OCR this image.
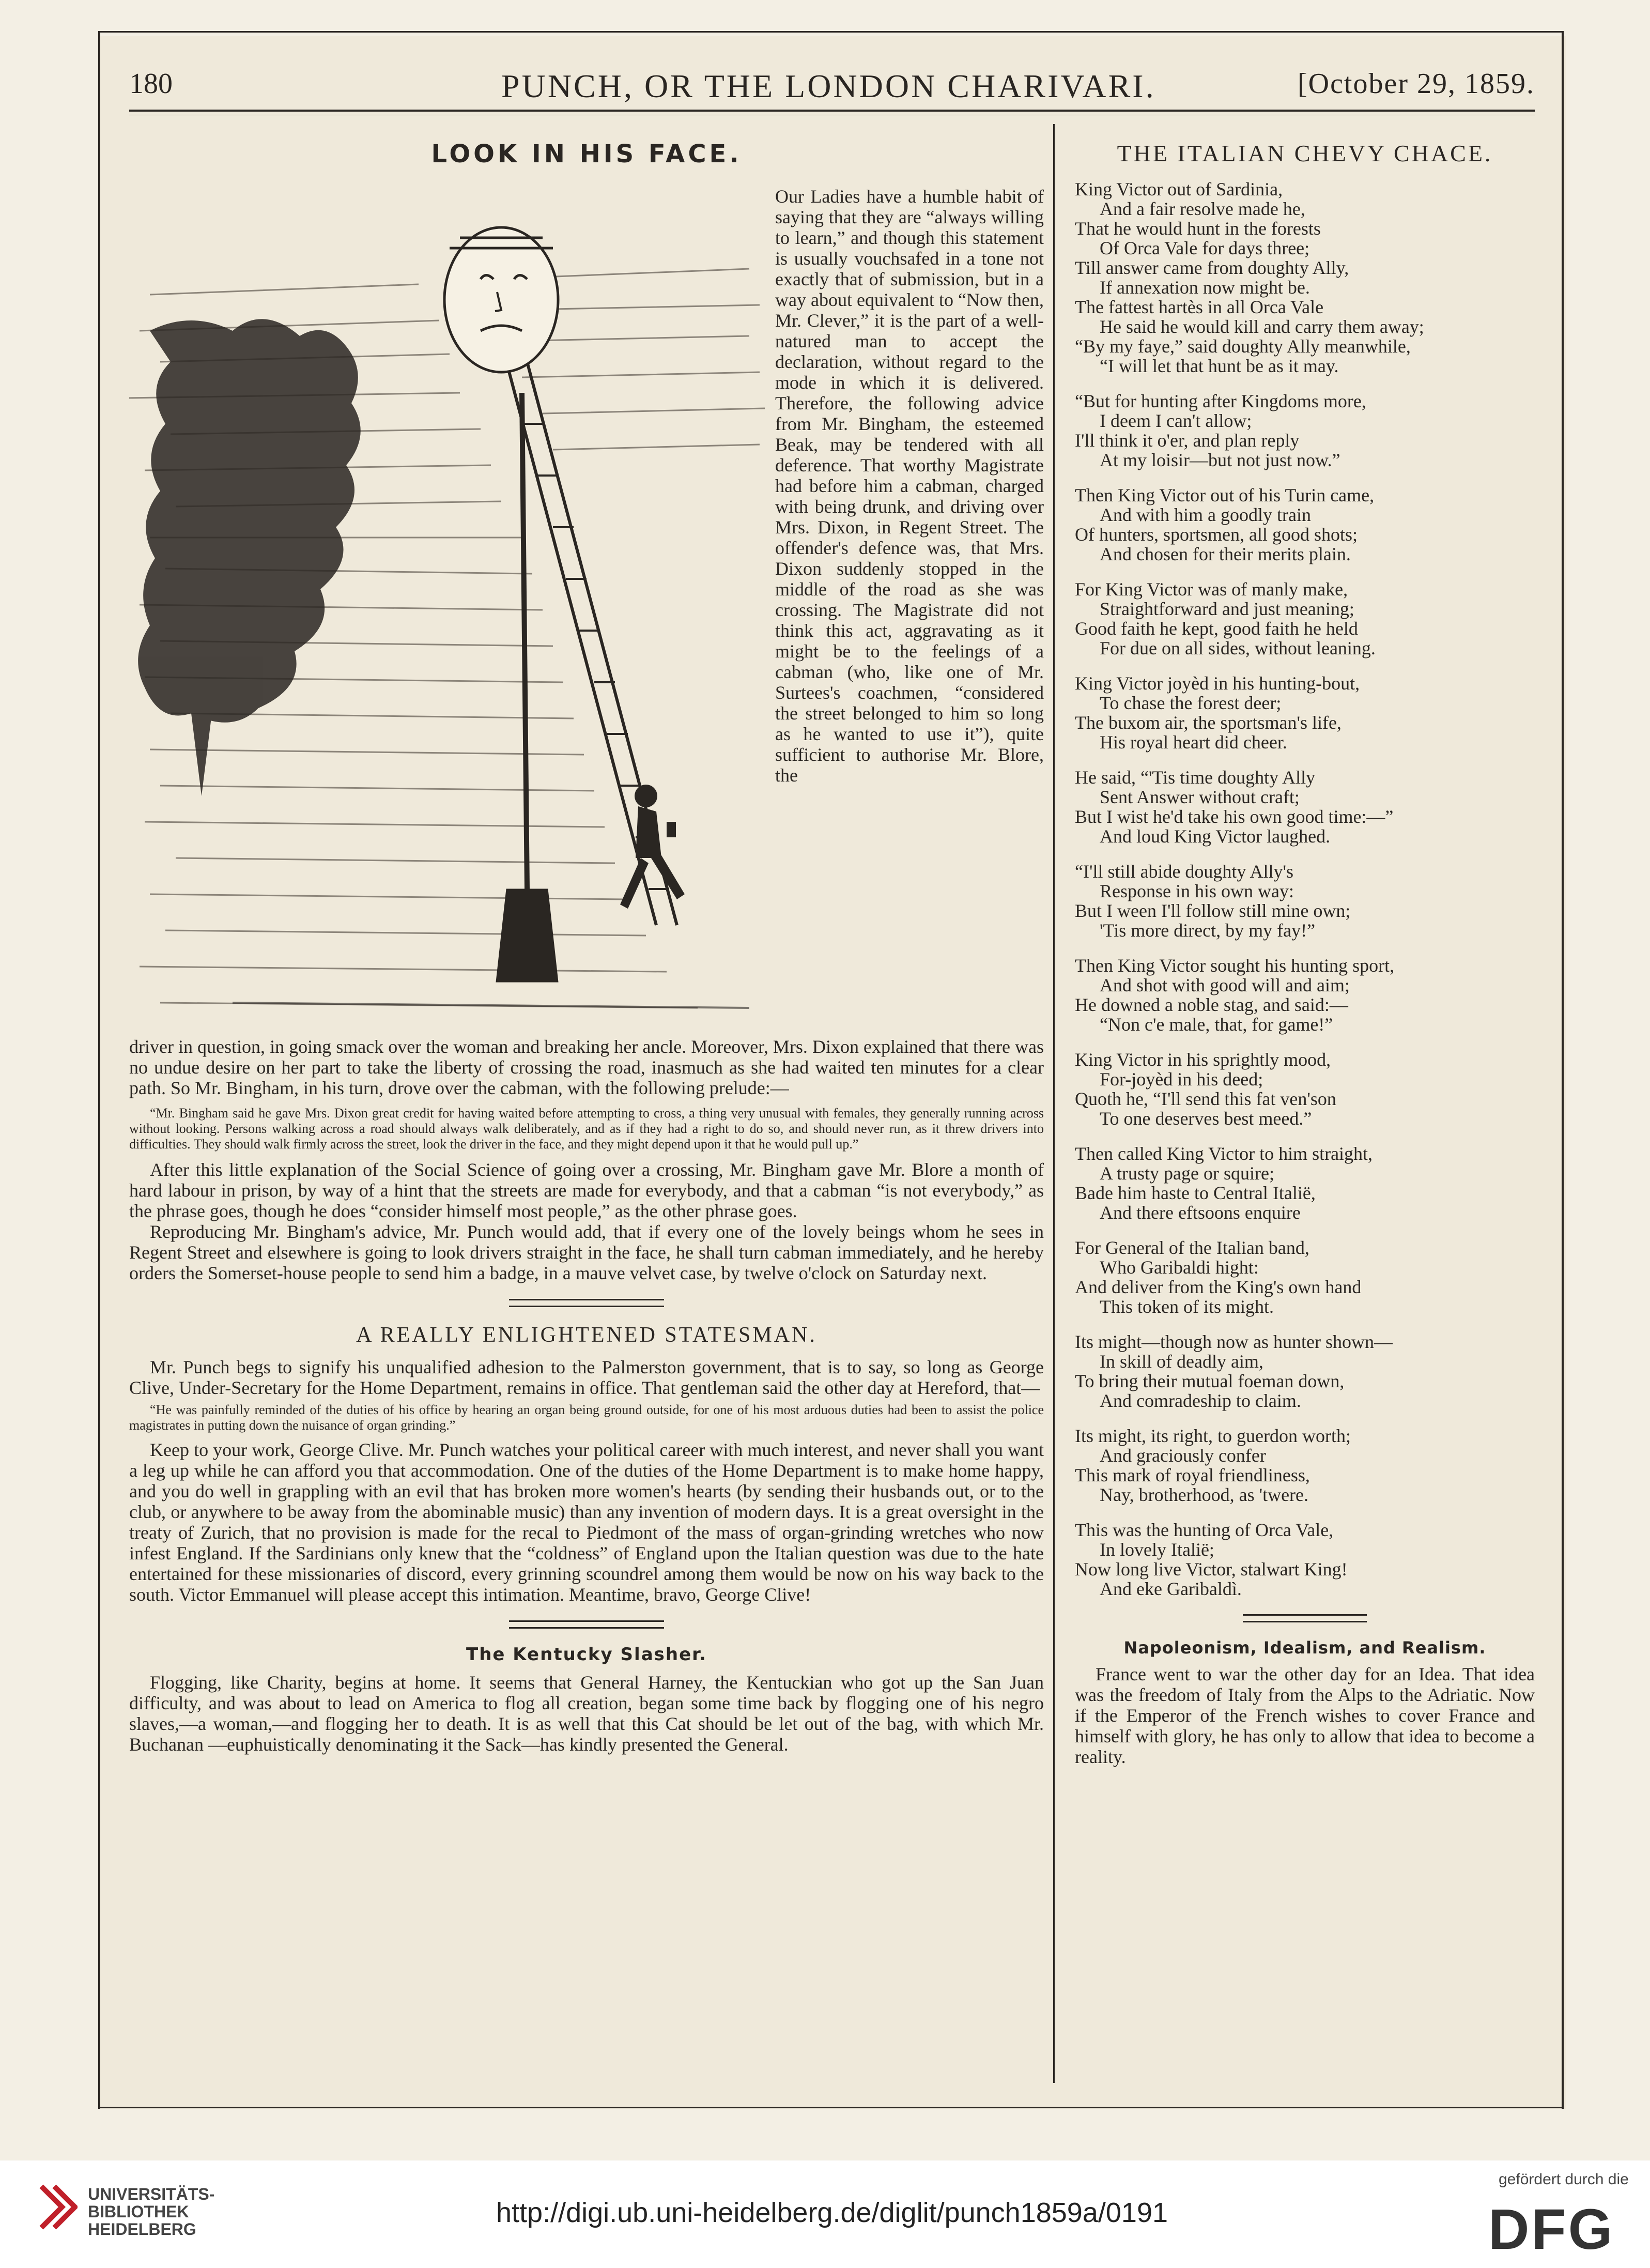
180	PUNCH, OR THE LONDON CHARIVARI.	[October 29, 1859.
LOOK IN HIS FACE.

Our Ladies have a humble habit of saying that they are “always willing to learn,” and though this statement is usually vouchsafed in a tone not exactly that of submission, but in a way about equivalent to “Now then, Mr. Clever,” it is the part of a well-natured man to accept the declaration, without regard to the mode in which it is delivered. Therefore, the following advice from Mr. Bingham, the esteemed Beak, may be tendered with all deference. That worthy Magistrate had before him a cabman, charged with being drunk, and driving over Mrs. Dixon, in Regent Street. The offender's defence was, that Mrs. Dixon suddenly stopped in the middle of the road as she was crossing. The Magistrate did not think this act, aggravating as it might be to the feelings of a cabman (who, like one of Mr. Surtees's coachmen, “considered the street belonged to him so long as he wanted to use it”), quite sufficient to authorise Mr. Blore, the

driver in question, in going smack over the woman and breaking her ancle. Moreover, Mrs. Dixon explained that there was no undue desire on her part to take the liberty of crossing the road, inasmuch as she had waited ten minutes for a clear path. So Mr. Bingham, in his turn, drove over the cabman, with the following prelude:—

“Mr. Bingham said he gave Mrs. Dixon great credit for having waited before attempting to cross, a thing very unusual with females, they generally running across without looking. Persons walking across a road should always walk deliberately, and as if they had a right to do so, and should never run, as it threw drivers into difficulties. They should walk firmly across the street, look the driver in the face, and they might depend upon it that he would pull up.”

After this little explanation of the Social Science of going over a crossing, Mr. Bingham gave Mr. Blore a month of hard labour in prison, by way of a hint that the streets are made for everybody, and that a cabman “is not everybody,” as the phrase goes, though he does “consider himself most people,” as the other phrase goes.

Reproducing Mr. Bingham's advice, Mr. Punch would add, that if every one of the lovely beings whom he sees in Regent Street and elsewhere is going to look drivers straight in the face, he shall turn cabman immediately, and he hereby orders the Somerset-house people to send him a badge, in a mauve velvet case, by twelve o'clock on Saturday next.

A REALLY ENLIGHTENED STATESMAN.

Mr. Punch begs to signify his unqualified adhesion to the Palmerston government, that is to say, so long as George Clive, Under-Secretary for the Home Department, remains in office. That gentleman said the other day at Hereford, that—

“He was painfully reminded of the duties of his office by hearing an organ being ground outside, for one of his most arduous duties had been to assist the police magistrates in putting down the nuisance of organ grinding.”

Keep to your work, George Clive. Mr. Punch watches your political career with much interest, and never shall you want a leg up while he can afford you that accommodation. One of the duties of the Home Department is to make home happy, and you do well in grappling with an evil that has broken more women's hearts (by sending their husbands out, or to the club, or anywhere to be away from the abominable music) than any invention of modern days. It is a great oversight in the treaty of Zurich, that no provision is made for the recal to Piedmont of the mass of organ-grinding wretches who now infest England. If the Sardinians only knew that the “coldness” of England upon the Italian question was due to the hate entertained for these missionaries of discord, every grinning scoundrel among them would be now on his way back to the south. Victor Emmanuel will please accept this intimation. Meantime, bravo, George Clive!

The Kentucky Slasher.

Flogging, like Charity, begins at home. It seems that General Harney, the Kentuckian who got up the San Juan difficulty, and was about to lead on America to flog all creation, began some time back by flogging one of his negro slaves,—a woman,—and flogging her to death. It is as well that this Cat should be let out of the bag, with which Mr. Buchanan —euphuistically denominating it the Sack—has kindly presented the General.

THE ITALIAN CHEVY CHACE.
King Victor out of Sardinia,
And a fair resolve made he,
That he would hunt in the forests
Of Orca Vale for days three;
Till answer came from doughty Ally,
If annexation now might be.
The fattest hartès in all Orca Vale
He said he would kill and carry them away;
“By my faye,” said doughty Ally meanwhile,
“I will let that hunt be as it may.
“But for hunting after Kingdoms more,
I deem I can't allow;
I'll think it o'er, and plan reply
At my loisir—but not just now.”
Then King Victor out of his Turin came,
And with him a goodly train
Of hunters, sportsmen, all good shots;
And chosen for their merits plain.
For King Victor was of manly make,
Straightforward and just meaning;
Good faith he kept, good faith he held
For due on all sides, without leaning.
King Victor joyèd in his hunting-bout,
To chase the forest deer;
The buxom air, the sportsman's life,
His royal heart did cheer.
He said, “'Tis time doughty Ally
Sent Answer without craft;
But I wist he'd take his own good time:—”
And loud King Victor laughed.
“I'll still abide doughty Ally's
Response in his own way:
But I ween I'll follow still mine own;
'Tis more direct, by my fay!”
Then King Victor sought his hunting sport,
And shot with good will and aim;
He downed a noble stag, and said:—
“Non c'e male, that, for game!”
King Victor in his sprightly mood,
For-joyèd in his deed;
Quoth he, “I'll send this fat ven'son
To one deserves best meed.”
Then called King Victor to him straight,
A trusty page or squire;
Bade him haste to Central Italië,
And there eftsoons enquire
For General of the Italian band,
Who Garibaldi hight:
And deliver from the King's own hand
This token of its might.
Its might—though now as hunter shown—
In skill of deadly aim,
To bring their mutual foeman down,
And comradeship to claim.
Its might, its right, to guerdon worth;
And graciously confer
This mark of royal friendliness,
Nay, brotherhood, as 'twere.
This was the hunting of Orca Vale,
In lovely Italië;
Now long live Victor, stalwart King!
And eke Garibaldì.
Napoleonism, Idealism, and Realism.

France went to war the other day for an Idea. That idea was the freedom of Italy from the Alps to the Adriatic. Now if the Emperor of the French wishes to cover France and himself with glory, he has only to allow that idea to become a reality.

UNIVERSITÄTS-
BIBLIOTHEK
HEIDELBERG
http://digi.ub.uni-heidelberg.de/diglit/punch1859a/0191
gefördert durch die
DFG
